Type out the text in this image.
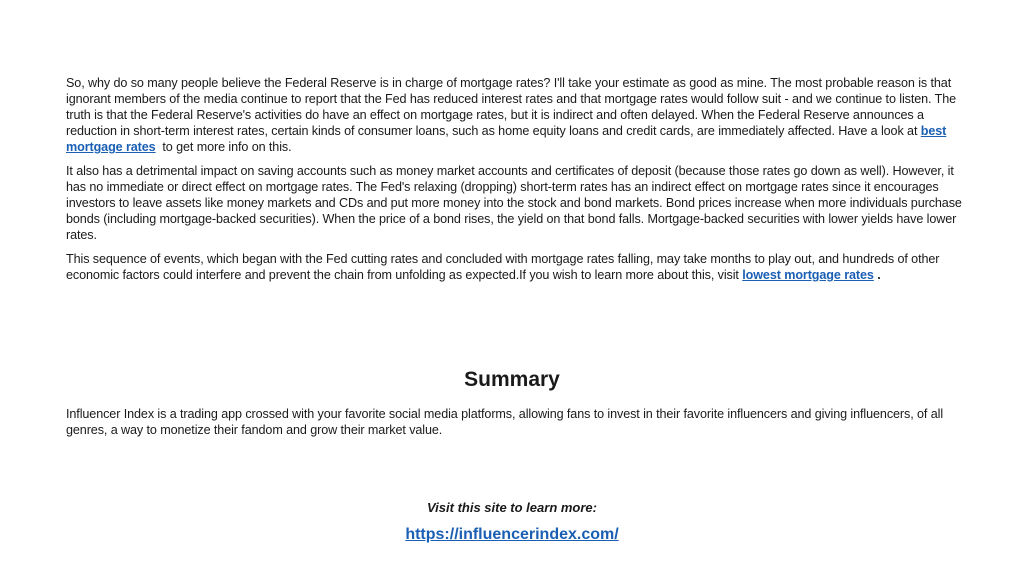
So, why do so many people believe the Federal Reserve is in charge of mortgage rates? I'll take your estimate as good as mine. The most probable reason is that ignorant members of the media continue to report that the Fed has reduced interest rates and that mortgage rates would follow suit - and we continue to listen. The truth is that the Federal Reserve's activities do have an effect on mortgage rates, but it is indirect and often delayed. When the Federal Reserve announces a reduction in short-term interest rates, certain kinds of consumer loans, such as home equity loans and credit cards, are immediately affected. Have a look at best mortgage rates  to get more info on this.

It also has a detrimental impact on saving accounts such as money market accounts and certificates of deposit (because those rates go down as well). However, it has no immediate or direct effect on mortgage rates. The Fed's relaxing (dropping) short-term rates has an indirect effect on mortgage rates since it encourages investors to leave assets like money markets and CDs and put more money into the stock and bond markets. Bond prices increase when more individuals purchase bonds (including mortgage-backed securities). When the price of a bond rises, the yield on that bond falls. Mortgage-backed securities with lower yields have lower rates.

This sequence of events, which began with the Fed cutting rates and concluded with mortgage rates falling, may take months to play out, and hundreds of other economic factors could interfere and prevent the chain from unfolding as expected.If you wish to learn more about this, visit lowest mortgage rates .

Summary

Influencer Index is a trading app crossed with your favorite social media platforms, allowing fans to invest in their favorite influencers and giving influencers, of all genres, a way to monetize their fandom and grow their market value.

Visit this site to learn more:

https://influencerindex.com/
